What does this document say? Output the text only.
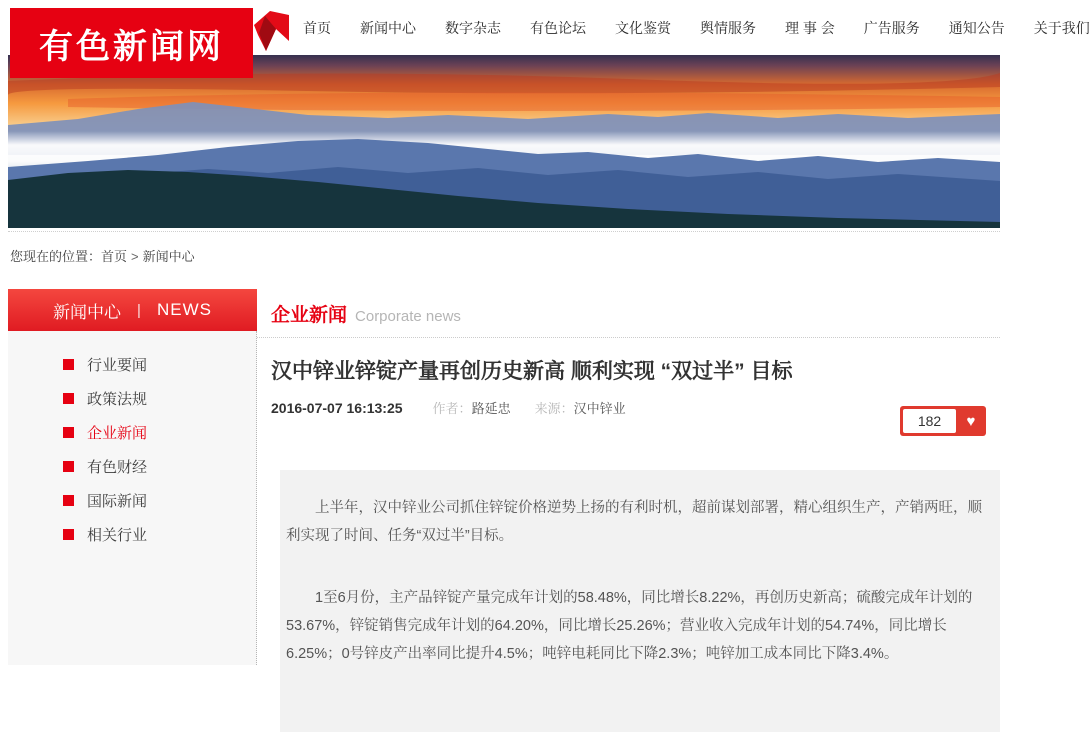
首页 新闻中心 数字杂志 有色论坛 文化鉴赏 舆情服务 理 事 会 广告服务 通知公告 关于我们
有色新闻网
您现在的位置：首页 > 新闻中心
新闻中心 | NEWS
行业要闻
政策法规
企业新闻
有色财经
国际新闻
相关行业
企业新闻 Corporate news
汉中锌业锌锭产量再创历史新高 顺利实现 “双过半” 目标
2016-07-07 16:13:25 作者： 路延忠 来源： 汉中锌业
182	♥

上半年，汉中锌业公司抓住锌锭价格逆势上扬的有利时机，超前谋划部署，精心组织生产，产销两旺，顺利实现了时间、任务“双过半”目标。

1至6月份，主产品锌锭产量完成年计划的58.48%，同比增长8.22%，再创历史新高；硫酸完成年计划的53.67%，锌锭销售完成年计划的64.20%，同比增长25.26%；营业收入完成年计划的54.74%，同比增长6.25%；0号锌皮产出率同比提升4.5%；吨锌电耗同比下降2.3%；吨锌加工成本同比下降3.4%。
